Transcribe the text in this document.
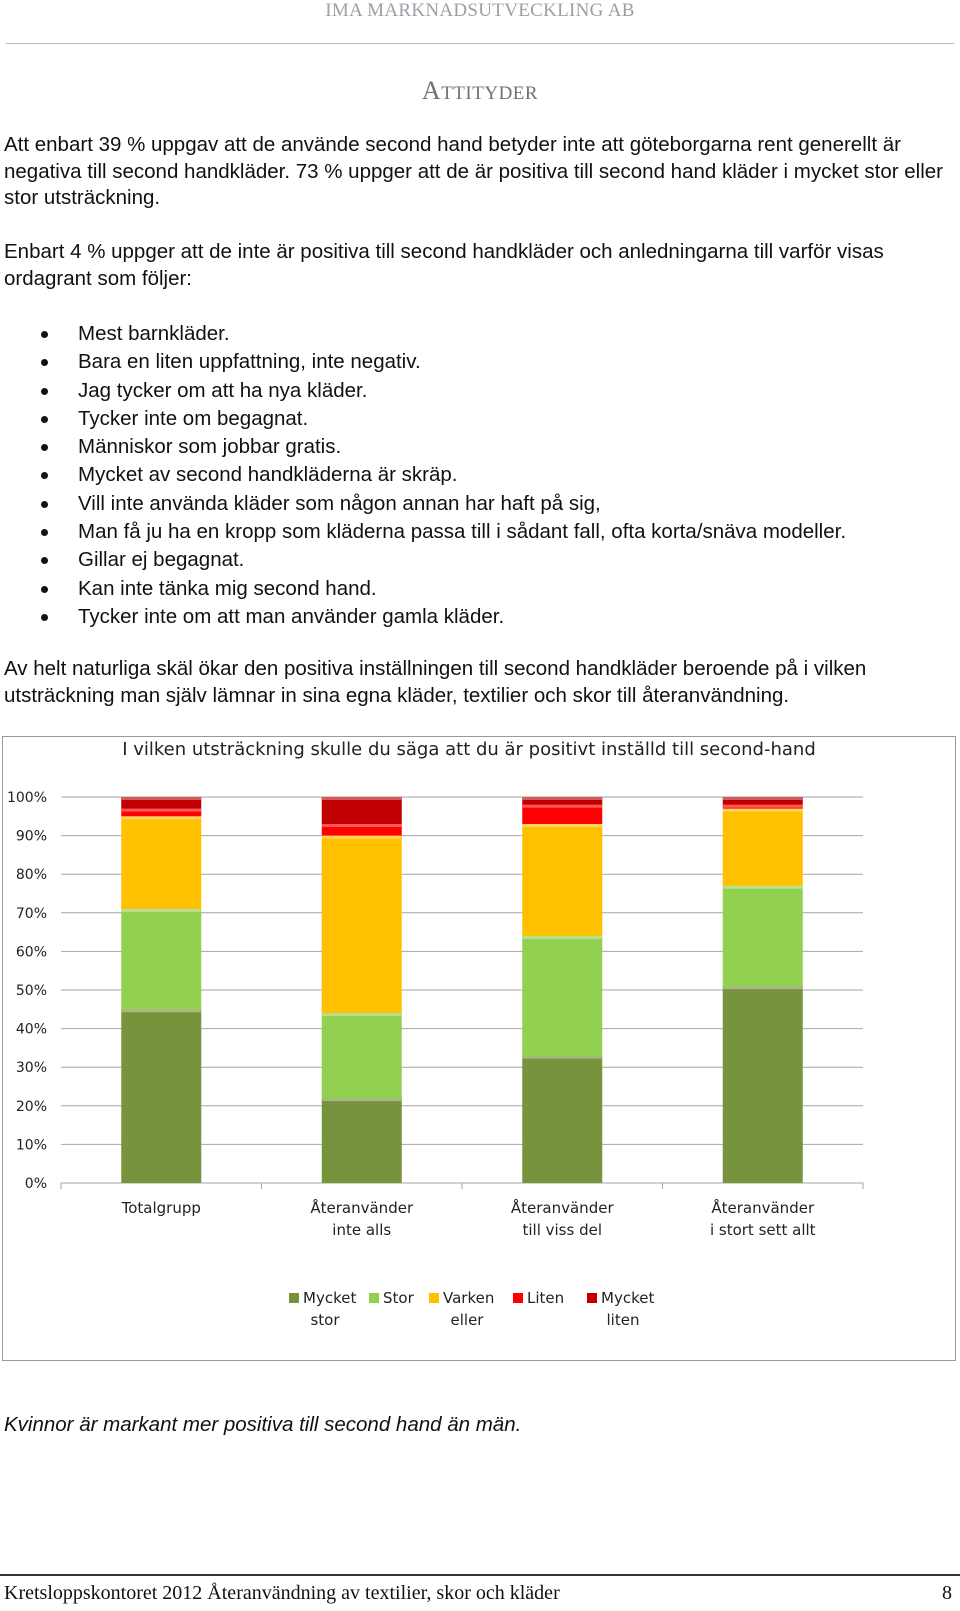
IMA MARKNADSUTVECKLING AB
ATTITYDER

Att enbart 39 % uppgav att de använde second hand betyder inte att göteborgarna rent generellt är negativa till second handkläder. 73 % uppger att de är positiva till second hand kläder i mycket stor eller stor utsträckning.

Enbart 4 % uppger att de inte är positiva till second handkläder och anledningarna till varför visas ordagrant som följer:

Mest barnkläder.
Bara en liten uppfattning, inte negativ.
Jag tycker om att ha nya kläder.
Tycker inte om begagnat.
Människor som jobbar gratis.
Mycket av second handkläderna är skräp.
Vill inte använda kläder som någon annan har haft på sig,
Man få ju ha en kropp som kläderna passa till i sådant fall, ofta korta/snäva modeller.
Gillar ej begagnat.
Kan inte tänka mig second hand.
Tycker inte om att man använder gamla kläder.

Av helt naturliga skäl ökar den positiva inställningen till second handkläder beroende på i vilken utsträckning man själv lämnar in sina egna kläder, textilier och skor till återanvändning.

I vilken utsträckning skulle du säga att du är positivt inställd till second-hand
0%
10%
20%
30%
40%
50%
60%
70%
80%
90%
100%
Totalgrupp	Återanvänder
inte alls
Återanvänder
till viss del
Återanvänder
i stort sett allt
Mycket
stor
Stor Varken
eller
Liten Mycket
liten
Kvinnor är markant mer positiva till second hand än män.
Kretsloppskontoret 2012 Återanvändning av textilier, skor och kläder	8
